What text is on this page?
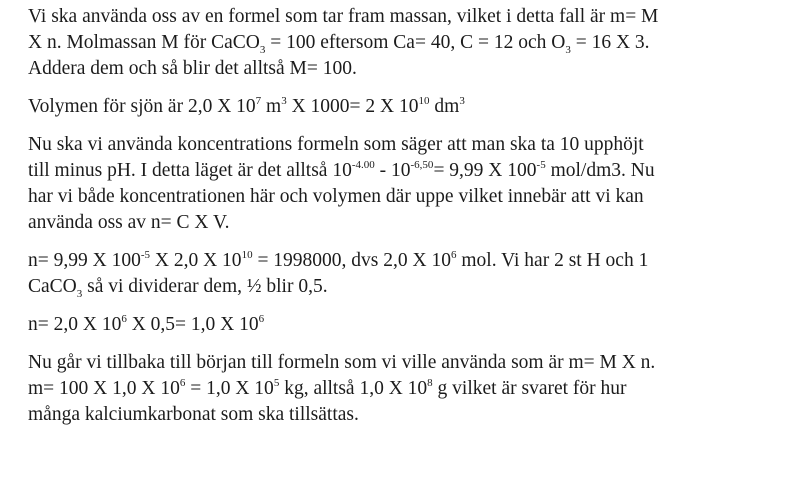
Vi ska använda oss av en formel som tar fram massan, vilket i detta fall är m= M
X n. Molmassan M för CaCO$_3$ = 100 eftersom Ca= 40, C = 12 och $O_3 = 16$ X 3.
Addera dem och så blir det alltså M= 100.
Volymen för sjön är 2,0 X $10^7$ $m^3$ X 1000= 2 X $10^{10}$ $dm^3$
Nu ska vi använda koncentrations formeln som säger att man ska ta 10 upphöjt
till minus pH. I detta läget är det alltså $10^{-4.00} - 10^{-6,50}= 9,99$ X $100^{-5}$ mol/dm3. Nu
har vi både koncentrationen här och volymen där uppe vilket innebär att vi kan
använda oss av n= C X V.
n= 9,99 X $100^{-5}$ X 2,0 X $10^{10} = 1998000$, dvs 2,0 X $10^6$ mol. Vi har 2 st H och 1
CaCO$_3$ så vi dividerar dem, ½ blir 0,5.
n= 2,0 X $10^6$ X 0,5= 1,0 X $10^6$
Nu går vi tillbaka till början till formeln som vi ville använda som är m= M X n.
m= 100 X 1,0 X $10^6 = 1,0$ X $10^5$ kg, alltså 1,0 X $10^8$ g vilket är svaret för hur
många kalciumkarbonat som ska tillsättas.
